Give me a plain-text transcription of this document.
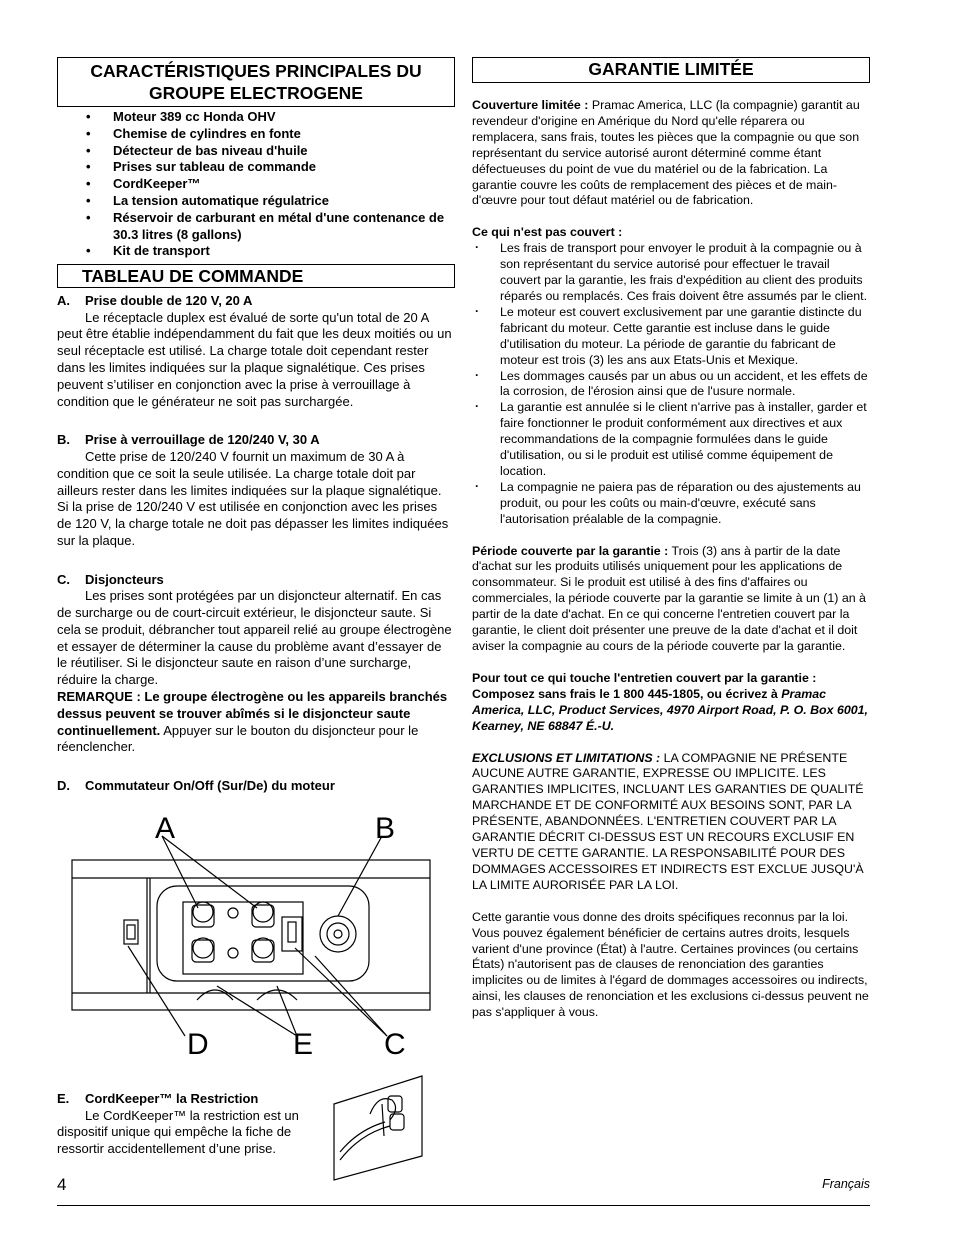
CARACTÉRISTIQUES PRINCIPALES DU GROUPE ELECTROGENE
• Moteur 389 cc Honda OHV
• Chemise de cylindres en fonte
• Détecteur de bas niveau d'huile
• Prises sur tableau de commande
• CordKeeper™
• La tension automatique régulatrice
• Réservoir de carburant en métal d'une contenance de 30.3 litres (8 gallons)
• Kit de transport
TABLEAU DE COMMANDE
A. Prise double de 120 V, 20 A
Le réceptacle duplex est évalué de sorte qu'un total de 20 A peut être établie indépendamment du fait que les deux moitiés ou un seul réceptacle est utilisé. La charge totale doit cependant rester dans les limites indiquées sur la plaque signalétique. Ces prises peuvent s’utiliser en conjonction avec la prise à verrouillage à condition que le générateur ne soit pas surchargée.
B. Prise à verrouillage de 120/240 V, 30 A
Cette prise de 120/240 V fournit un maximum de 30 A à condition que ce soit la seule utilisée. La charge totale doit par ailleurs rester dans les limites indiquées sur la plaque signalétique. Si la prise de 120/240 V est utilisée en conjonction avec les prises de 120 V, la charge totale ne doit pas dépasser les limites indiquées sur la plaque.
C. Disjoncteurs
Les prises sont protégées par un disjoncteur alternatif. En cas de surcharge ou de court-circuit extérieur, le disjoncteur saute. Si cela se produit, débrancher tout appareil relié au groupe électrogène et essayer de déterminer la cause du problème avant d’essayer de le réutiliser. Si le disjoncteur saute en raison d’une surcharge, réduire la charge.
REMARQUE : Le groupe électrogène ou les appareils branchés dessus peuvent se trouver abîmés si le disjoncteur saute continuellement. Appuyer sur le bouton du disjoncteur pour le réenclencher.
D. Commutateur On/Off (Sur/De) du moteur
A	B
D	E C
E. CordKeeper™ la Restriction
Le CordKeeper™ la restriction est un dispositif unique qui empêche la fiche de ressortir accidentellement d’une prise.
GARANTIE LIMITÉE
Couverture limitée : Pramac America, LLC (la compagnie) garantit au revendeur d'origine en Amérique du Nord qu'elle réparera ou remplacera, sans frais, toutes les pièces que la compagnie ou que son représentant du service autorisé auront déterminé comme étant défectueuses du point de vue du matériel ou de la fabrication. La garantie couvre les coûts de remplacement des pièces et de main-d'œuvre pour tout défaut matériel ou de fabrication.
Ce qui n'est pas couvert :
· Les frais de transport pour envoyer le produit à la compagnie ou à son représentant du service autorisé pour effectuer le travail couvert par la garantie, les frais d'expédition au client des produits réparés ou remplacés. Ces frais doivent être assumés par le client.
· Le moteur est couvert exclusivement par une garantie distincte du fabricant du moteur. Cette garantie est incluse dans le guide d'utilisation du moteur. La période de garantie du fabricant de moteur est trois (3) les ans aux Etats-Unis et Mexique.
· Les dommages causés par un abus ou un accident, et les effets de la corrosion, de l'érosion ainsi que de l'usure normale.
· La garantie est annulée si le client n'arrive pas à installer, garder et faire fonctionner le produit conformément aux directives et aux recommandations de la compagnie formulées dans le guide d'utilisation, ou si le produit est utilisé comme équipement de location.
· La compagnie ne paiera pas de réparation ou des ajustements au produit, ou pour les coûts ou main-d'œuvre, exécuté sans l'autorisation préalable de la compagnie.
Période couverte par la garantie : Trois (3) ans à partir de la date d'achat sur les produits utilisés uniquement pour les applications de consommateur. Si le produit est utilisé à des fins d'affaires ou commerciales, la période couverte par la garantie se limite à un (1) an à partir de la date d'achat. En ce qui concerne l'entretien couvert par la garantie, le client doit présenter une preuve de la date d'achat et il doit aviser la compagnie au cours de la période couverte par la garantie.
Pour tout ce qui touche l'entretien couvert par la garantie : Composez sans frais le 1 800 445-1805, ou écrivez à Pramac America, LLC, Product Services, 4970 Airport Road, P. O. Box 6001, Kearney, NE 68847 É.-U.
EXCLUSIONS ET LIMITATIONS : LA COMPAGNIE NE PRÉSENTE AUCUNE AUTRE GARANTIE, EXPRESSE OU IMPLICITE. LES GARANTIES IMPLICITES, INCLUANT LES GARANTIES DE QUALITÉ MARCHANDE ET DE CONFORMITÉ AUX BESOINS SONT, PAR LA PRÉSENTE, ABANDONNÉES. L'ENTRETIEN COUVERT PAR LA GARANTIE DÉCRIT CI-DESSUS EST UN RECOURS EXCLUSIF EN VERTU DE CETTE GARANTIE. LA RESPONSABILITÉ POUR DES DOMMAGES ACCESSOIRES ET INDIRECTS EST EXCLUE JUSQU'À LA LIMITE AURORISÉE PAR LA LOI.
Cette garantie vous donne des droits spécifiques reconnus par la loi. Vous pouvez également bénéficier de certains autres droits, lesquels varient d'une province (État) à l'autre. Certaines provinces (ou certains États) n'autorisent pas de clauses de renonciation des garanties implicites ou de limites à l'égard de dommages accessoires ou indirects, ainsi, les clauses de renonciation et les exclusions ci-dessus peuvent ne pas s'appliquer à vous.
4	Français
